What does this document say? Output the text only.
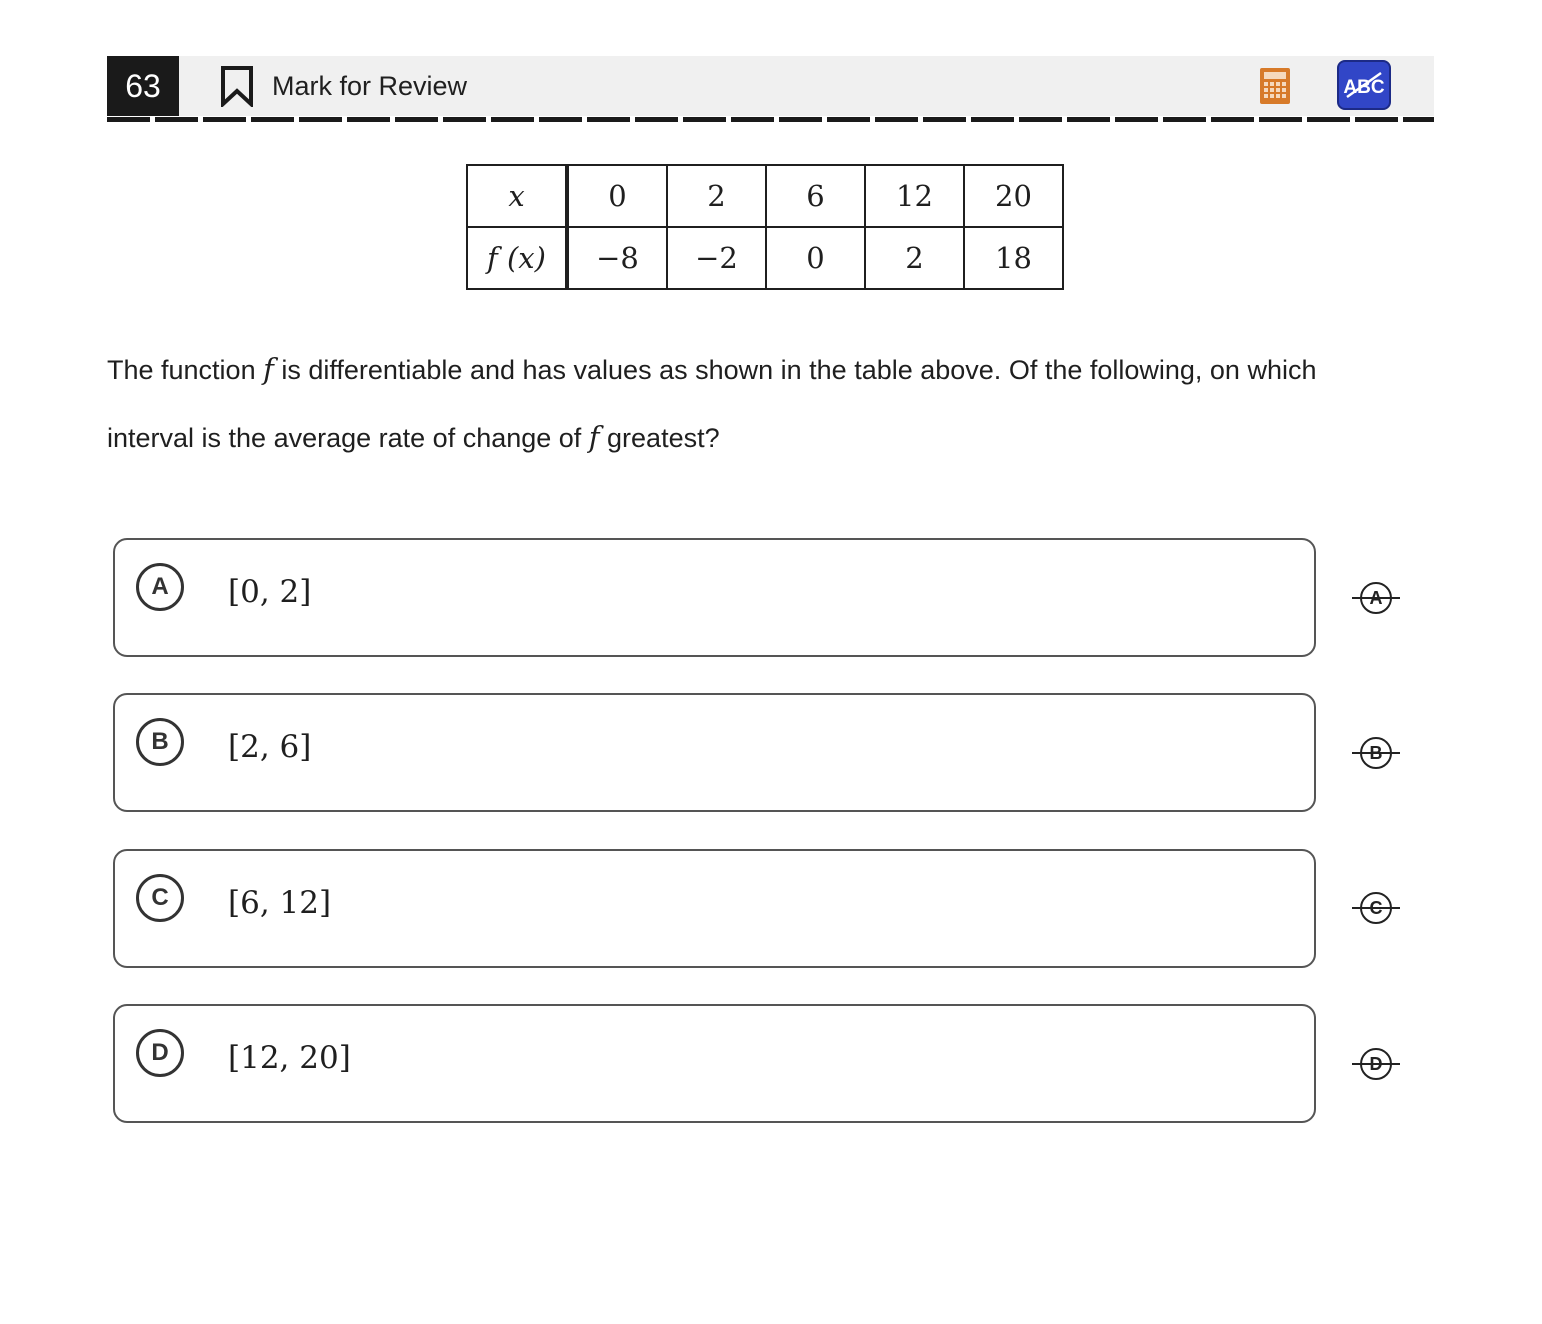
63	Mark for Review	ABC
x	0	2	6	12	20
f (x)	−8	−2	0	2	18
The function f is differentiable and has values as shown in the table above. Of the following, on which interval is the average rate of change of f greatest?
A	[0, 2]
B	[2, 6]
C	[6, 12]
D	[12, 20]
